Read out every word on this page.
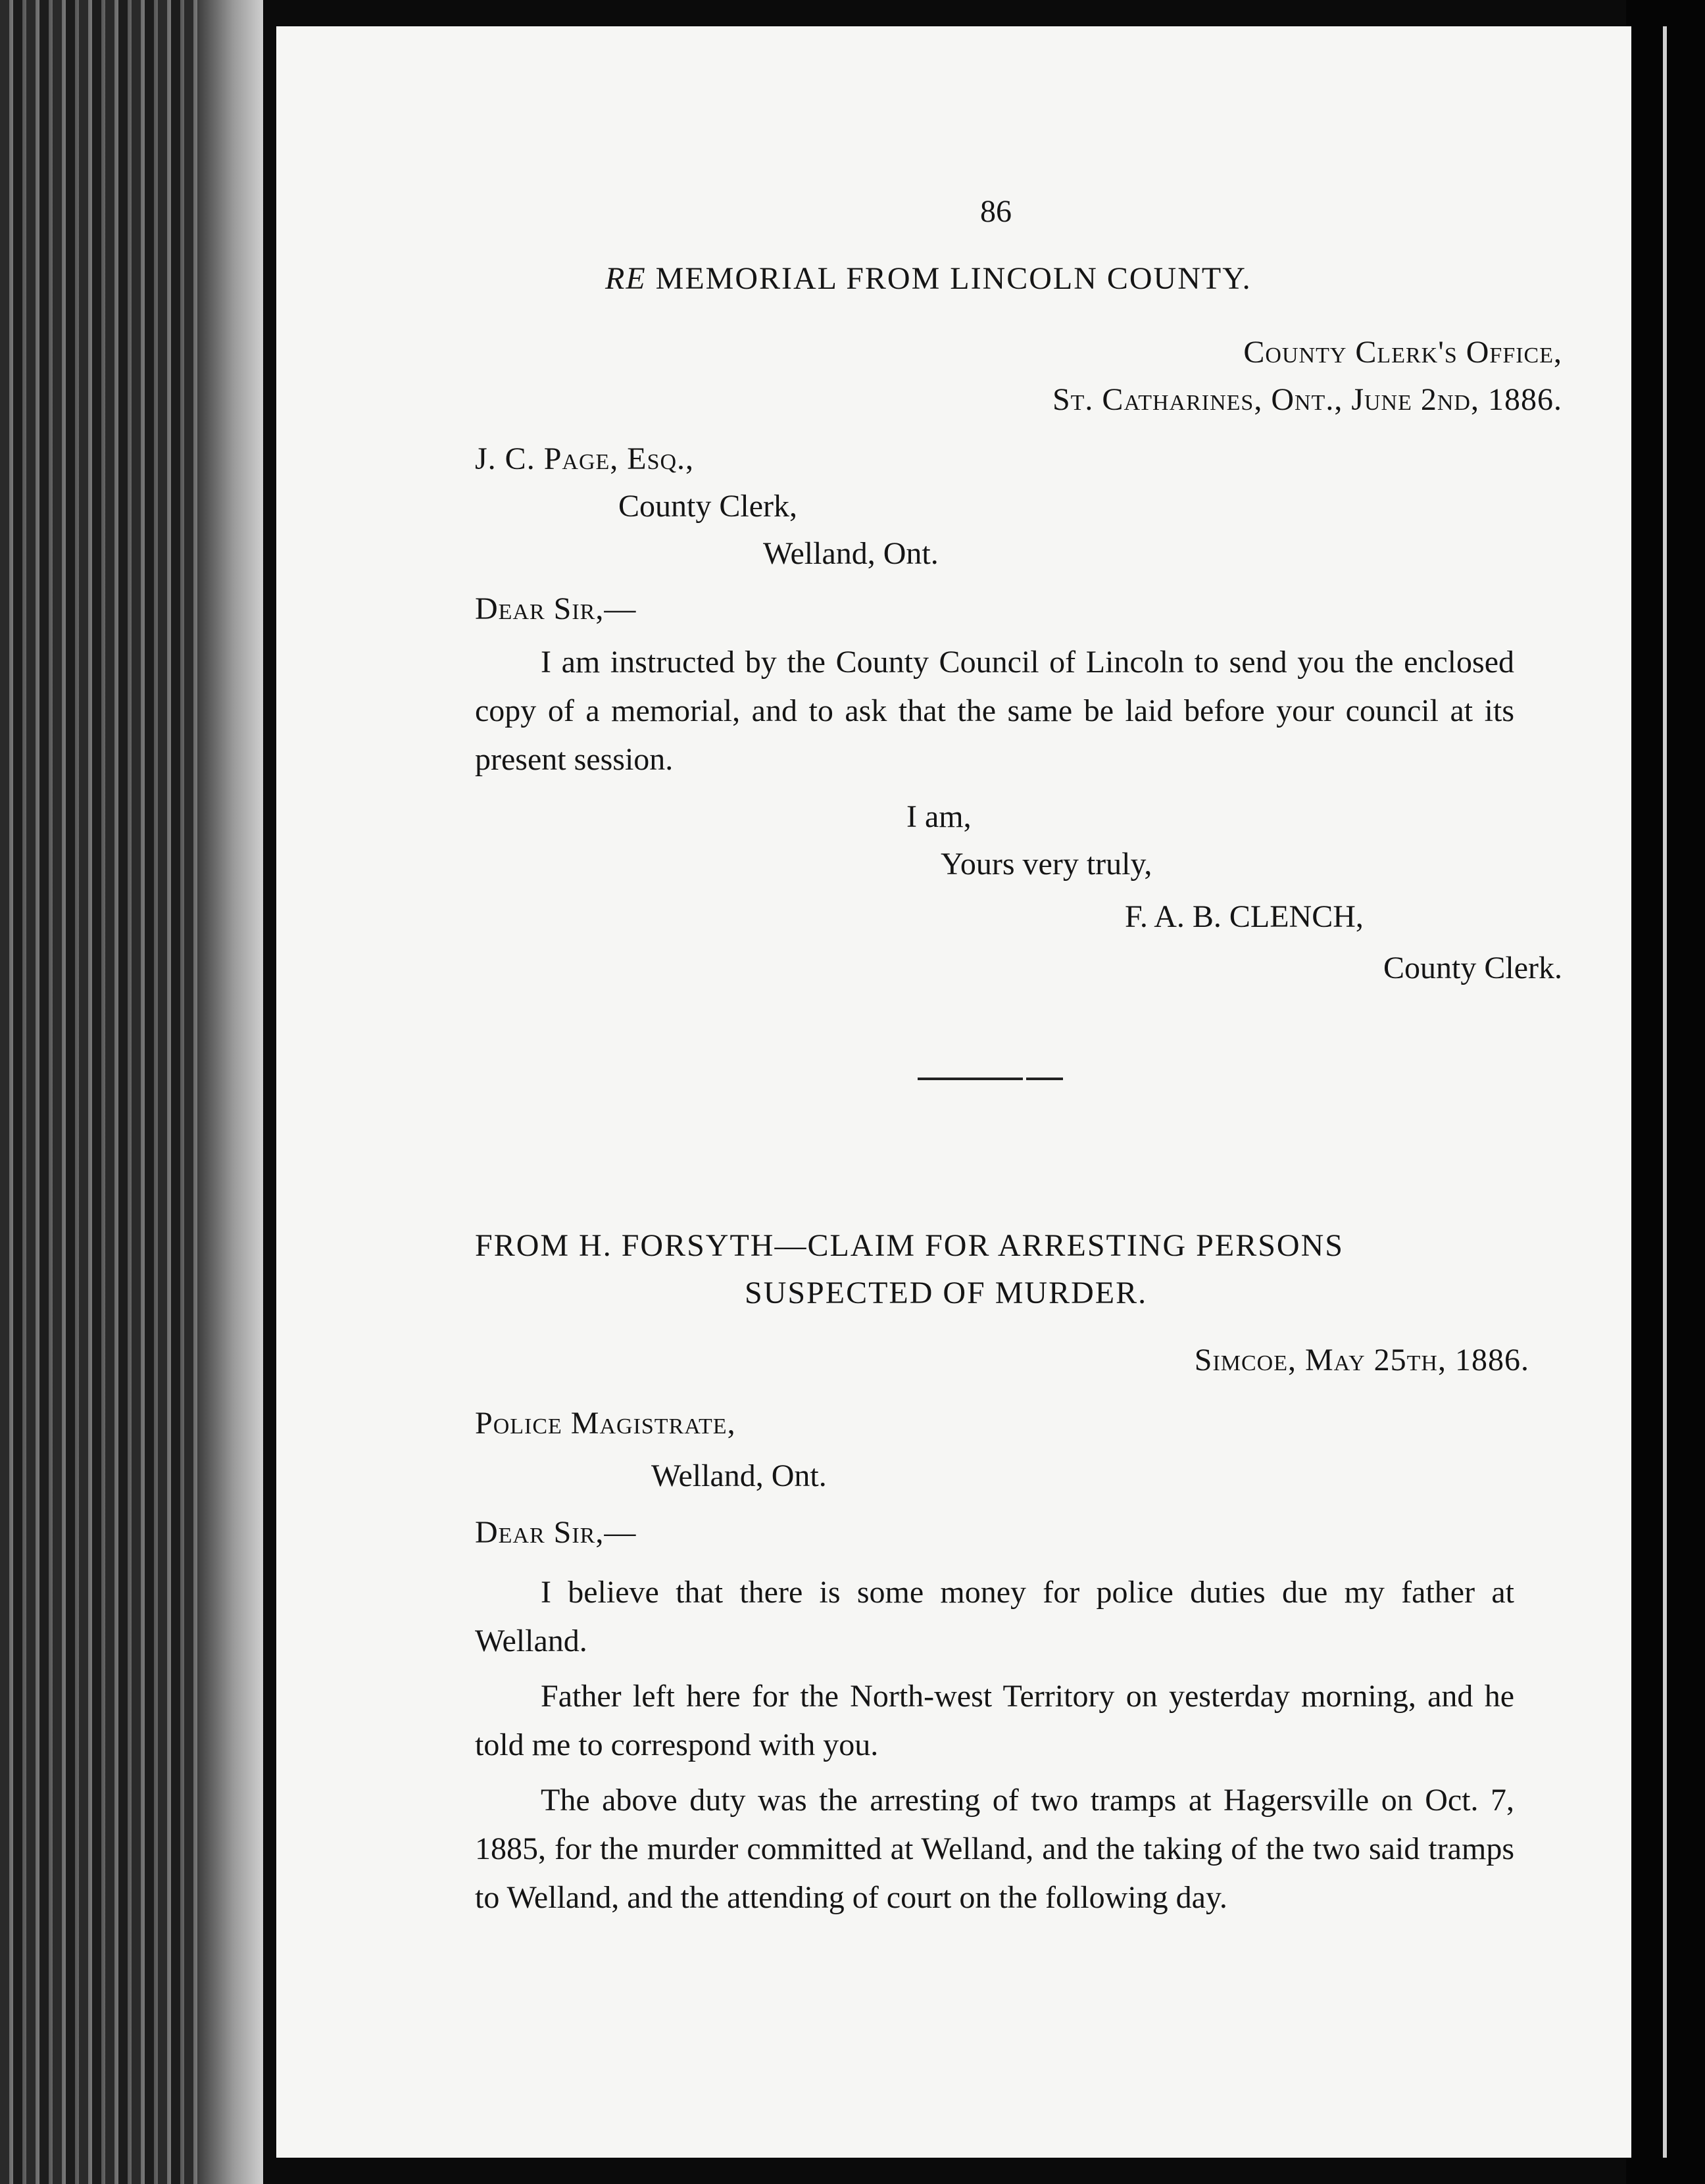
86
RE MEMORIAL FROM LINCOLN COUNTY.
County Clerk's Office,
St. Catharines, Ont., June 2nd, 1886.
J. C. Page, Esq.,
County Clerk,
Welland, Ont.
Dear Sir,—
I am instructed by the County Council of Lincoln to send you the enclosed copy of a memorial, and to ask that the same be laid before your council at its present session.
I am,
Yours very truly,
F. A. B. CLENCH,
County Clerk.
FROM H. FORSYTH—CLAIM FOR ARRESTING PERSONS
SUSPECTED OF MURDER.
Simcoe, May 25th, 1886.
Police Magistrate,
Welland, Ont.
Dear Sir,—
I believe that there is some money for police duties due my father at Welland.
Father left here for the North-west Territory on yesterday morning, and he told me to correspond with you.
The above duty was the arresting of two tramps at Hagersville on Oct. 7, 1885, for the murder committed at Welland, and the taking of the two said tramps to Welland, and the attending of court on the following day.
